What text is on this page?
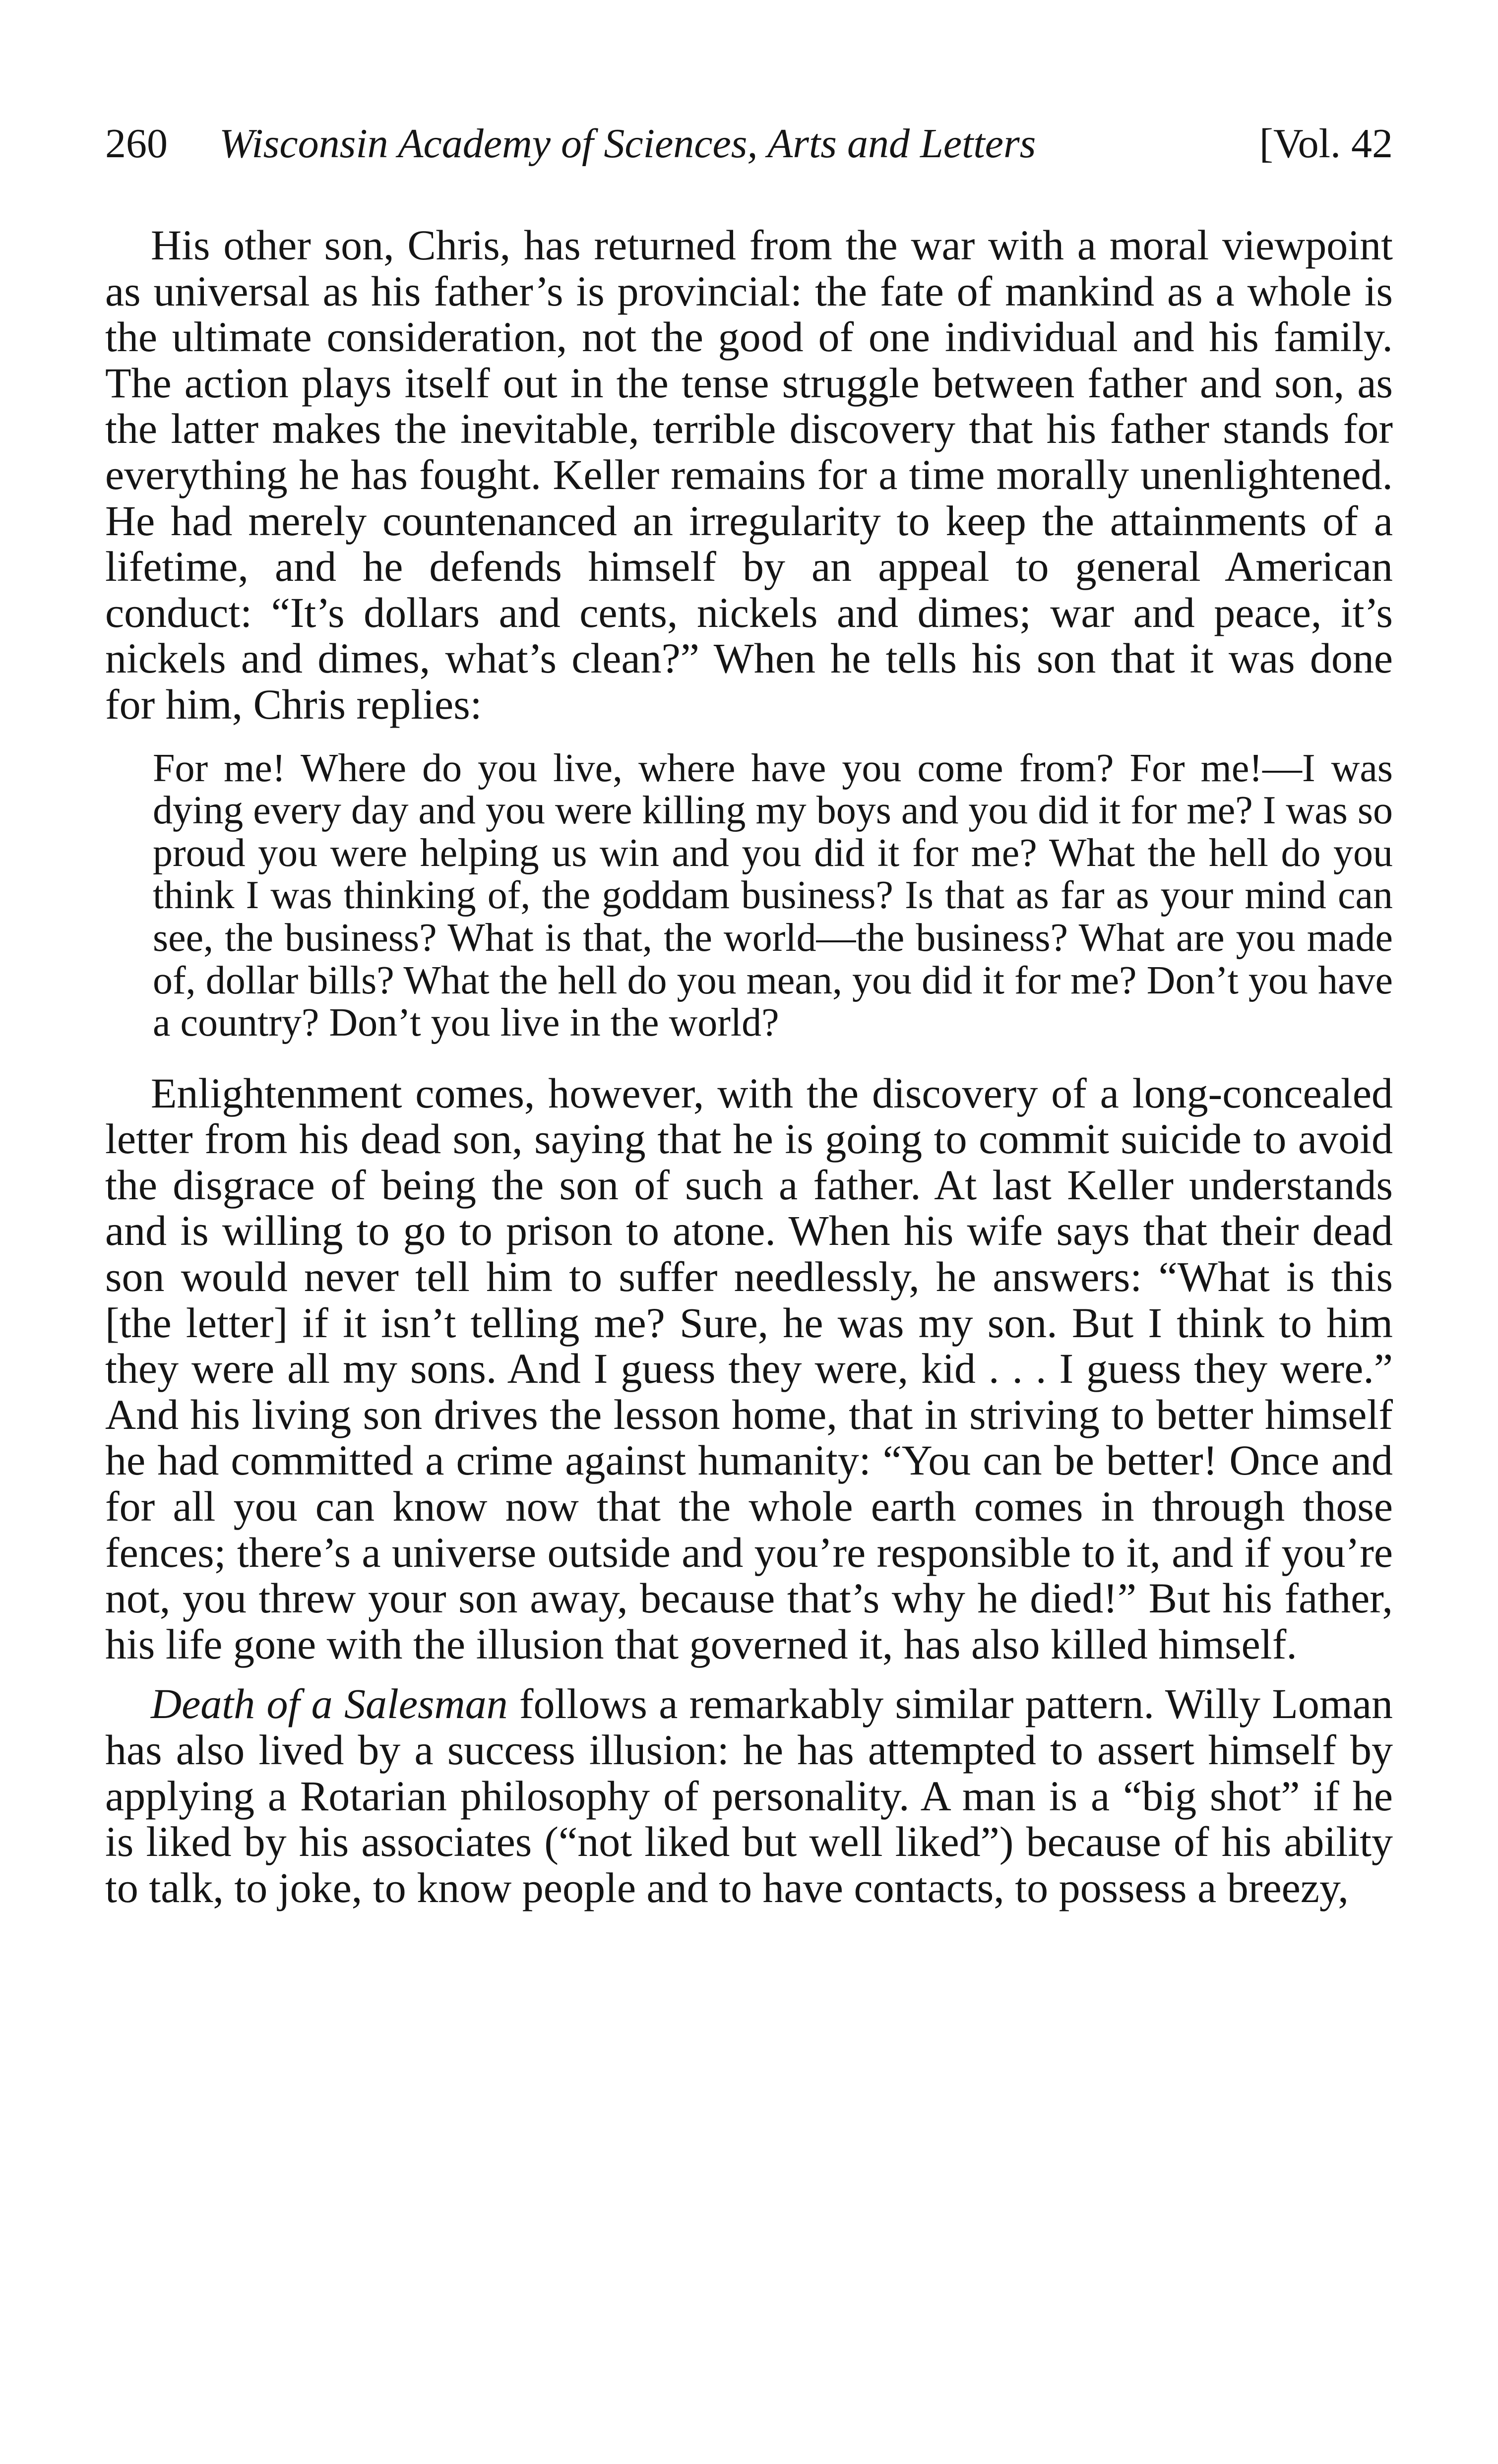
260 Wisconsin Academy of Sciences, Arts and Letters	[Vol. 42

His other son, Chris, has returned from the war with a moral viewpoint as universal as his father’s is provincial: the fate of mankind as a whole is the ultimate consideration, not the good of one individual and his family. The action plays itself out in the tense struggle between father and son, as the latter makes the inevitable, terrible discovery that his father stands for everything he has fought. Keller remains for a time morally unenlightened. He had merely countenanced an irregularity to keep the attainments of a lifetime, and he defends himself by an appeal to general American conduct: “It’s dollars and cents, nickels and dimes; war and peace, it’s nickels and dimes, what’s clean?” When he tells his son that it was done for him, Chris replies:

For me! Where do you live, where have you come from? For me!—I was dying every day and you were killing my boys and you did it for me? I was so proud you were helping us win and you did it for me? What the hell do you think I was thinking of, the goddam business? Is that as far as your mind can see, the business? What is that, the world—the business? What are you made of, dollar bills? What the hell do you mean, you did it for me? Don’t you have a country? Don’t you live in the world?

Enlightenment comes, however, with the discovery of a long-concealed letter from his dead son, saying that he is going to commit suicide to avoid the disgrace of being the son of such a father. At last Keller understands and is willing to go to prison to atone. When his wife says that their dead son would never tell him to suffer needlessly, he answers: “What is this [the letter] if it isn’t telling me? Sure, he was my son. But I think to him they were all my sons. And I guess they were, kid . . . I guess they were.” And his living son drives the lesson home, that in striving to better himself he had committed a crime against humanity: “You can be better! Once and for all you can know now that the whole earth comes in through those fences; there’s a universe outside and you’re responsible to it, and if you’re not, you threw your son away, because that’s why he died!” But his father, his life gone with the illusion that governed it, has also killed himself.

Death of a Salesman follows a remarkably similar pattern. Willy Loman has also lived by a success illusion: he has attempted to assert himself by applying a Rotarian philosophy of personality. A man is a “big shot” if he is liked by his associates (“not liked but well liked”) because of his ability to talk, to joke, to know people and to have contacts, to possess a breezy,
